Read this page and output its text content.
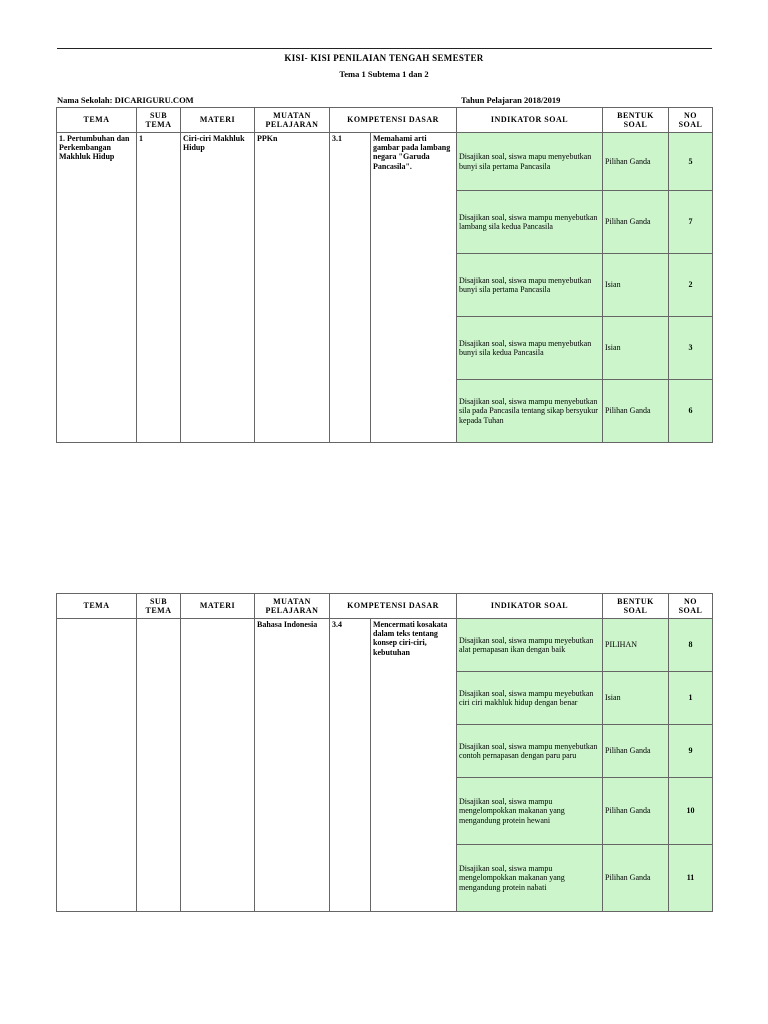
KISI- KISI PENILAIAN TENGAH SEMESTER
Tema 1 Subtema 1 dan 2
Nama Sekolah: DICARIGURU.COM	Tahun Pelajaran 2018/2019
TEMA	SUB TEMA	MATERI	MUATAN PELAJARAN	KOMPETENSI DASAR		INDIKATOR SOAL	BENTUK SOAL	NO SOAL
1. Pertumbuhan dan Perkembangan Makhluk Hidup	1	Ciri-ciri Makhluk Hidup	PPKn	3.1	Memahami arti gambar pada lambang negara "Garuda Pancasila".	Disajikan soal, siswa mapu menyebutkan bunyi sila pertama Pancasila	Pilihan Ganda	5
						Disajikan soal, siswa mampu menyebutkan lambang sila kedua Pancasila	Pilihan Ganda	7
						Disajikan soal, siswa mapu menyebutkan bunyi sila pertama Pancasila	Isian	2
						Disajikan soal, siswa mapu menyebutkan bunyi sila kedua Pancasila	Isian	3
						Disajikan soal, siswa mampu menyebutkan sila pada Pancasila tentang sikap bersyukur kepada Tuhan	Pilihan Ganda	6
TEMA	SUB TEMA	MATERI	MUATAN PELAJARAN	KOMPETENSI DASAR		INDIKATOR SOAL	BENTUK SOAL	NO SOAL
			Bahasa Indonesia	3.4	Mencermati kosakata dalam teks tentang konsep ciri-ciri, kebutuhan	Disajikan soal, siswa mampu meyebutkan alat pernapasan ikan dengan baik	PILIHAN	8
						Disajikan soal, siswa mampu meyebutkan ciri ciri makhluk hidup dengan benar	Isian	1
						Disajikan soal, siswa mampu menyebutkan contoh pernapasan dengan paru paru	Pilihan Ganda	9
						Disajikan soal, siswa mampu mengelompokkan makanan yang mengandung protein hewani	Pilihan Ganda	10
						Disajikan soal, siswa mampu mengelompokkan makanan yang mengandung protein nabati	Pilihan Ganda	11
